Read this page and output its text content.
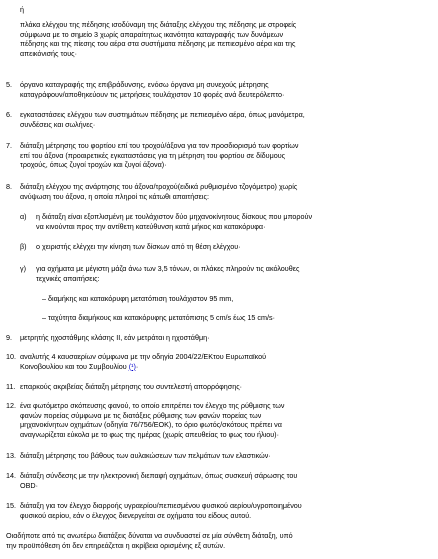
ή
πλάκα ελέγχου της πέδησης ισοδύναμη της διάταξης ελέγχου της πέδησης με στροφείς
σύμφωνα με το σημείο 3 χωρίς απαραίτητως ικανότητα καταγραφής των δυνάμεων
πέδησης και της πίεσης του αέρα στα συστήματα πέδησης με πεπιεσμένο αέρα και της
απεικόνισής τους·
5. όργανο καταγραφής της επιβράδυνσης, ενόσω όργανα μη συνεχούς μέτρησης
καταγράφουν/αποθηκεύουν τις μετρήσεις τουλάχιστον 10 φορές ανά δευτερόλεπτο·
6. εγκαταστάσεις ελέγχου των συστημάτων πέδησης με πεπιεσμένο αέρα, όπως μανόμετρα,
συνδέσεις και σωλήνες·
7. διάταξη μέτρησης του φορτίου επί του τροχού/άξονα για τον προσδιορισμό των φορτίων
επί του άξονα (προαιρετικές εγκαταστάσεις για τη μέτρηση του φορτίου σε δίδυμους
τροχούς, όπως ζυγοί τροχών και ζυγοί άξονα)·
8. διάταξη ελέγχου της ανάρτησης του άξονα/τροχού(ειδικά ρυθμισμένο τζογόμετρο) χωρίς
ανύψωση του άξονα, η οποία πληροί τις κάτωθι απαιτήσεις:
α) η διάταξη είναι εξοπλισμένη με τουλάχιστον δύο μηχανοκίνητους δίσκους που μπορούν
να κινούνται προς την αντίθετη κατεύθυνση κατά μήκος και κατακόρυφα·
β) ο χειριστής ελέγχει την κίνηση των δίσκων από τη θέση ελέγχου·
γ) για οχήματα με μέγιστη μάζα άνω των 3,5 τόνων, οι πλάκες πληρούν τις ακόλουθες
τεχνικές απαιτήσεις:
– διαμήκης και κατακόρυφη μετατόπιση τουλάχιστον 95 mm,
– ταχύτητα διαμήκους και κατακόρυφης μετατόπισης 5 cm/s έως 15 cm/s·
9. μετρητής ηχοστάθμης κλάσης II, εάν μετράται η ηχοστάθμη·
10. αναλυτής 4 καυσαερίων σύμφωνα με την οδηγία 2004/22/ΕΚτου Ευρωπαϊκού
Κοινοβουλίου και του Συμβουλίου (¹)·
11. επαρκούς ακριβείας διάταξη μέτρησης του συντελεστή απορρόφησης·
12. ένα φωτόμετρο σκόπευσης φανού, το οποίο επιτρέπει τον έλεγχο της ρύθμισης των
φανών πορείας σύμφωνα με τις διατάξεις ρύθμισης των φανών πορείας των
μηχανοκίνητων οχημάτων (οδηγία 76/756/ΕΟΚ), το όριο φωτός/σκότους πρέπει να
αναγνωρίζεται εύκολα με το φως της ημέρας (χωρίς απευθείας το φως του ήλιου)·
13. διάταξη μέτρησης του βάθους των αυλακώσεων των πελμάτων των ελαστικών·
14. διάταξη σύνδεσης με την ηλεκτρονική διεπαφή οχημάτων, όπως συσκευή σάρωσης του
OBD·
15. διάταξη για τον έλεγχο διαρροής υγραερίου/πεπιεσμένου φυσικού αερίου/υγροποιημένου
φυσικού αερίου, εάν ο έλεγχος διενεργείται σε οχήματα του είδους αυτού.
Οιαδήποτε από τις ανωτέρω διατάξεις δύναται να συνδυαστεί σε μία σύνθετη διάταξη, υπό
την προϋπόθεση ότι δεν επηρεάζεται η ακρίβεια ορισμένης εξ αυτών.
